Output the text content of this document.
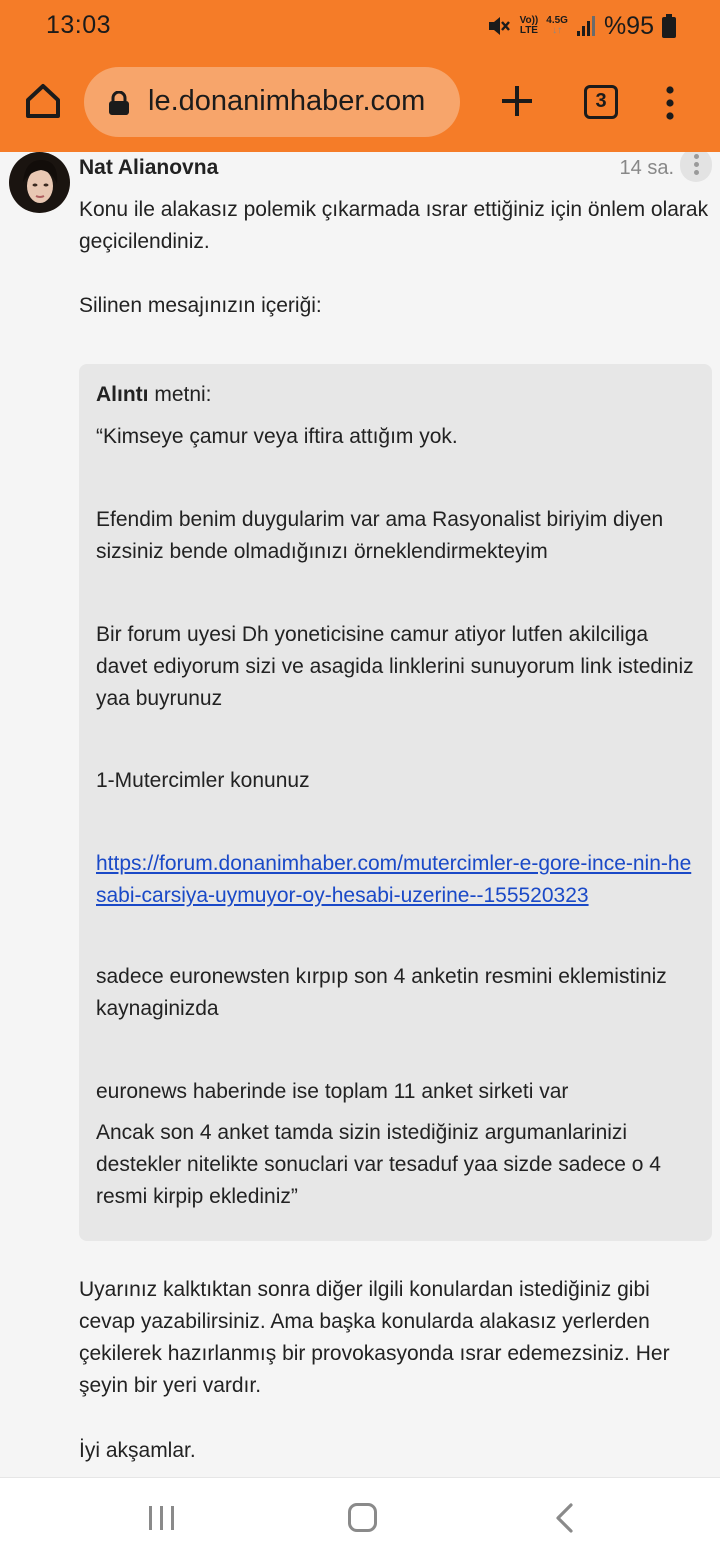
13:03	Vo))
LTE
4.5G
↓↑ %95
le.donanimhaber.com	3
Nat Alianovna	14 sa.
Konu ile alakasız polemik çıkarmada ısrar ettiğiniz için önlem olarak geçicilendiniz.
Silinen mesajınızın içeriği:
Alıntı metni:
“Kimseye çamur veya iftira attığım yok.
Efendim benim duygularim var ama Rasyonalist biriyim diyen sizsiniz bende olmadığınızı örneklendirmekteyim
Bir forum uyesi Dh yoneticisine camur atiyor lutfen akilciliga davet ediyorum sizi ve asagida linklerini sunuyorum link istediniz yaa buyrunuz
1-Mutercimler konunuz
https://forum.donanimhaber.com/mutercimler-e-gore-ince-nin-hesabi-carsiya-uymuyor-oy-hesabi-uzerine--155520323
sadece euronewsten kırpıp son 4 anketin resmini eklemistiniz kaynaginizda
euronews haberinde ise toplam 11 anket sirketi var
Ancak son 4 anket tamda sizin istediğiniz argumanlarinizi destekler nitelikte sonuclari var tesaduf yaa sizde sadece o 4 resmi kirpip eklediniz”
Uyarınız kalktıktan sonra diğer ilgili konulardan istediğiniz gibi cevap yazabilirsiniz. Ama başka konularda alakasız yerlerden çekilerek hazırlanmış bir provokasyonda ısrar edemezsiniz. Her şeyin bir yeri vardır.
İyi akşamlar.
